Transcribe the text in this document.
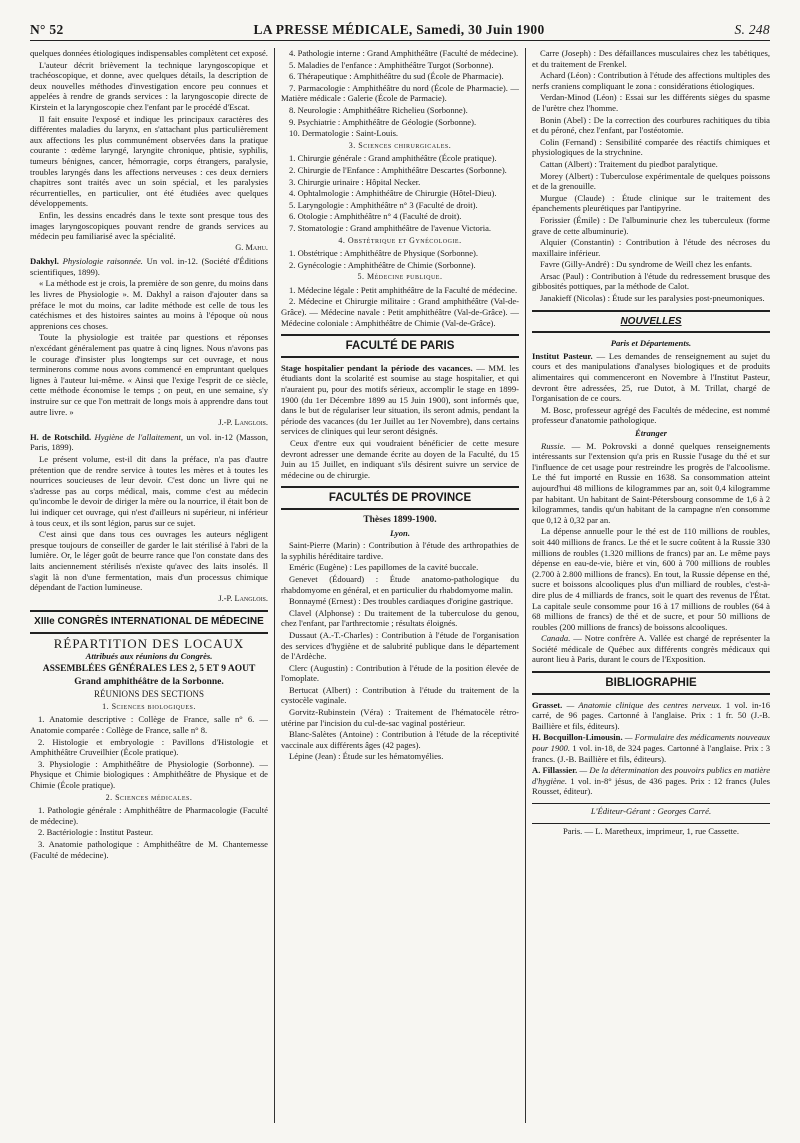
N° 52	LA PRESSE MÉDICALE, Samedi, 30 Juin 1900	S. 248

quelques données étiologiques indispensables complètent cet exposé.

L'auteur décrit brièvement la technique laryngoscopique et trachéoscopique, et donne, avec quelques détails, la description de deux nouvelles méthodes d'investigation encore peu connues et appelées à rendre de grands services : la laryngoscopie directe de Kirstein et la laryngoscopie chez l'enfant par le procédé d'Escat.

Il fait ensuite l'exposé et indique les principaux caractères des différentes maladies du larynx, en s'attachant plus particulièrement aux affections les plus communément observées dans la pratique courante : œdème laryngé, laryngite chronique, phtisie, syphilis, tumeurs bénignes, cancer, hémorragie, corps étrangers, paralysie, troubles laryngés dans les affections nerveuses : ces deux derniers chapitres sont traités avec un soin spécial, et les paralysies récurrentielles, en particulier, ont été étudiées avec quelques développements.

Enfin, les dessins encadrés dans le texte sont presque tous des images laryngoscopiques pouvant rendre de grands services au médecin peu familiarisé avec la spécialité.

G. Mahu.

Dakhyl. Physiologie raisonnée. Un vol. in-12. (Société d'Éditions scientifiques, 1899).

« La méthode est je crois, la première de son genre, du moins dans les livres de Physiologie ». M. Dakhyl a raison d'ajouter dans sa préface le mot du moins, car ladite méthode est celle de tous les catéchismes et des histoires saintes au moins à l'époque où nous apprenions ces choses.

Toute la physiologie est traitée par questions et réponses n'excédant généralement pas quatre à cinq lignes. Nous n'avons pas le courage d'insister plus longtemps sur cet ouvrage, et nous terminerons comme nous avons commencé en empruntant quelques lignes à l'auteur lui-même. « Ainsi que l'exige l'esprit de ce siècle, cette méthode économise le temps ; on peut, en une semaine, s'y instruire sur ce que l'on mettrait de longs mois à apprendre dans tout autre livre. »

J.-P. Langlois.

H. de Rotschild. Hygiène de l'allaitement, un vol. in-12 (Masson, Paris, 1899).

Le présent volume, est-il dit dans la préface, n'a pas d'autre prétention que de rendre service à toutes les mères et à toutes les nourrices soucieuses de leur devoir. C'est donc un livre qui ne s'adresse pas au corps médical, mais, comme c'est au médecin qu'incombe le devoir de diriger la mère ou la nourrice, il était bon de lui indiquer cet ouvrage, qui n'est d'ailleurs ni supérieur, ni inférieur à tous ceux, et ils sont légion, parus sur ce sujet.

C'est ainsi que dans tous ces ouvrages les auteurs négligent presque toujours de conseiller de garder le lait stérilisé à l'abri de la lumière. Or, le léger goût de beurre rance que l'on constate dans des laits anciennement stérilisés n'existe qu'avec des laits insolés. Il s'agit là non d'une fermentation, mais d'un processus chimique dépendant de l'action lumineuse.

J.-P. Langlois.
XIIIe CONGRÈS INTERNATIONAL DE MÉDECINE

RÉPARTITION DES LOCAUX

Attribués aux réunions du Congrès.

ASSEMBLÉES GÉNÉRALES LES 2, 5 ET 9 AOUT

Grand amphithéâtre de la Sorbonne.

RÉUNIONS DES SECTIONS

1. Sciences biologiques.

1. Anatomie descriptive : Collège de France, salle n° 6. — Anatomie comparée : Collège de France, salle n° 8.

2. Histologie et embryologie : Pavillons d'Histologie et Amphithéâtre Cruveilhier (École pratique).

3. Physiologie : Amphithéâtre de Physiologie (Sorbonne). — Physique et Chimie biologiques : Amphithéâtre de Physique et de Chimie (École pratique).

2. Sciences médicales.

1. Pathologie générale : Amphithéâtre de Pharmacologie (Faculté de médecine).

2. Bactériologie : Institut Pasteur.

3. Anatomie pathologique : Amphithéâtre de M. Chantemesse (Faculté de médecine).

4. Pathologie interne : Grand Amphithéâtre (Faculté de médecine).

5. Maladies de l'enfance : Amphithéâtre Turgot (Sorbonne).

6. Thérapeutique : Amphithéâtre du sud (École de Pharmacie).

7. Parmacologie : Amphithéâtre du nord (École de Pharmacie). — Matière médicale : Galerie (École de Parmacie).

8. Neurologie : Amphithéâtre Richelieu (Sorbonne).

9. Psychiatrie : Amphithéâtre de Géologie (Sorbonne).

10. Dermatologie : Saint-Louis.

3. Sciences chirurgicales.

1. Chirurgie générale : Grand amphithéâtre (École pratique).

2. Chirurgie de l'Enfance : Amphithéâtre Descartes (Sorbonne).

3. Chirurgie urinaire : Hôpital Necker.

4. Ophtalmologie : Amphithéâtre de Chirurgie (Hôtel-Dieu).

5. Laryngologie : Amphithéâtre n° 3 (Faculté de droit).

6. Otologie : Amphithéâtre n° 4 (Faculté de droit).

7. Stomatologie : Grand amphithéâtre de l'avenue Victoria.

4. Obstétrique et Gynécologie.

1. Obstétrique : Amphithéâtre de Physique (Sorbonne).

2. Gynécologie : Amphithéâtre de Chimie (Sorbonne).

5. Médecine publique.

1. Médecine légale : Petit amphithéâtre de la Faculté de médecine.

2. Médecine et Chirurgie militaire : Grand amphithéâtre (Val-de-Grâce). — Médecine navale : Petit amphithéâtre (Val-de-Grâce). — Médecine coloniale : Amphithéâtre de Chimie (Val-de-Grâce).

FACULTÉ DE PARIS

Stage hospitalier pendant la période des vacances. — MM. les étudiants dont la scolarité est soumise au stage hospitalier, et qui n'auraient pu, pour des motifs sérieux, accomplir le stage en 1899-1900 (du 1er Décembre 1899 au 15 Juin 1900), sont informés que, dans le but de régulariser leur situation, ils seront admis, pendant la période des vacances (du 1er Juillet au 1er Novembre), dans certains services de cliniques qui leur seront désignés.

Ceux d'entre eux qui voudraient bénéficier de cette mesure devront adresser une demande écrite au doyen de la Faculté, du 15 Juin au 15 Juillet, en indiquant s'ils désirent suivre un service de médecine ou de chirurgie.

FACULTÉS DE PROVINCE

Thèses 1899-1900.

Lyon.

Saint-Pierre (Marin) : Contribution à l'étude des arthropathies de la syphilis héréditaire tardive.

Eméric (Eugène) : Les papillomes de la cavité buccale.

Genevet (Édouard) : Étude anatomo-pathologique du rhabdomyome en général, et en particulier du rhabdomyome malin.

Bonnaymé (Ernest) : Des troubles cardiaques d'origine gastrique.

Clavel (Alphonse) : Du traitement de la tuberculose du genou, chez l'enfant, par l'arthrectomie ; résultats éloignés.

Dussaut (A.-T.-Charles) : Contribution à l'étude de l'organisation des services d'hygiène et de salubrité publique dans le département de l'Ardèche.

Clerc (Augustin) : Contribution à l'étude de la position élevée de l'omoplate.

Bertucat (Albert) : Contribution à l'étude du traitement de la cystocèle vaginale.

Gorvitz-Rubinstein (Véra) : Traitement de l'hématocèle rétro-utérine par l'incision du cul-de-sac vaginal postérieur.

Blanc-Salètes (Antoine) : Contribution à l'étude de la réceptivité vaccinale aux différents âges (42 pages).

Lépine (Jean) : Étude sur les hématomyélies.

Carre (Joseph) : Des défaillances musculaires chez les tabétiques, et du traitement de Frenkel.

Achard (Léon) : Contribution à l'étude des affections multiples des nerfs craniens compliquant le zona : considérations étiologiques.

Verdan-Minod (Léon) : Essai sur les différents sièges du spasme de l'urètre chez l'homme.

Bonin (Abel) : De la correction des courbures rachitiques du tibia et du péroné, chez l'enfant, par l'ostéotomie.

Colin (Fernand) : Sensibilité comparée des réactifs chimiques et physiologiques de la strychnine.

Cattan (Albert) : Traitement du piedbot paralytique.

Morey (Albert) : Tuberculose expérimentale de quelques poissons et de la grenouille.

Murgue (Claude) : Étude clinique sur le traitement des épanchements pleurétiques par l'antipyrine.

Forissier (Émile) : De l'albuminurie chez les tuberculeux (forme grave de cette albuminurie).

Alquier (Constantin) : Contribution à l'étude des nécroses du maxillaire inférieur.

Favre (Gilly-André) : Du syndrome de Weill chez les enfants.

Arsac (Paul) : Contribution à l'étude du redressement brusque des gibbosités pottiques, par la méthode de Calot.

Janakieff (Nicolas) : Étude sur les paralysies post-pneumoniques.

NOUVELLES

Paris et Départements.

Institut Pasteur. — Les demandes de renseignement au sujet du cours et des manipulations d'analyses biologiques et de produits alimentaires qui commenceront en Novembre à l'Institut Pasteur, devront être adressées, 25, rue Dutot, à M. Trillat, chargé de l'organisation de ce cours.

M. Bosc, professeur agrégé des Facultés de médecine, est nommé professeur d'anatomie pathologique.

Étranger

Russie. — M. Pokrovski a donné quelques renseignements intéressants sur l'extension qu'a pris en Russie l'usage du thé et sur l'influence de cet usage pour restreindre les progrès de l'alcoolisme. Le thé fut importé en Russie en 1638. Sa consommation atteint aujourd'hui 48 millions de kilogrammes par an, soit 0,4 kilogramme par habitant. Un habitant de Saint-Pétersbourg consomme de 1,6 à 2 kilogrammes, tandis qu'un habitant de la campagne n'en consomme que 0,12 à 0,32 par an.

La dépense annuelle pour le thé est de 110 millions de roubles, soit 440 millions de francs. Le thé et le sucre coûtent à la Russie 330 millions de roubles (1.320 millions de francs) par an. Le même pays dépense en eau-de-vie, bière et vin, 600 à 700 millions de roubles (2.700 à 2.800 millions de francs). En tout, la Russie dépense en thé, sucre et boissons alcooliques plus d'un milliard de roubles, c'est-à-dire plus de 4 milliards de francs, soit le quart des revenus de l'État. La capitale seule consomme pour 16 à 17 millions de roubles (64 à 68 millions de francs) de thé et de sucre, et pour 50 millions de roubles (200 millions de francs) de boissons alcooliques.

Canada. — Notre confrère A. Vallée est chargé de représenter la Société médicale de Québec aux différents congrès médicaux qui auront lieu à Paris, durant le cours de l'Exposition.

BIBLIOGRAPHIE

Grasset. — Anatomie clinique des centres nerveux. 1 vol. in-16 carré, de 96 pages. Cartonné à l'anglaise. Prix : 1 fr. 50 (J.-B. Baillière et fils, éditeurs).

H. Bocquillon-Limousin. — Formulaire des médicaments nouveaux pour 1900. 1 vol. in-18, de 324 pages. Cartonné à l'anglaise. Prix : 3 francs. (J.-B. Baillière et fils, éditeurs).

A. Fillassier. — De la détermination des pouvoirs publics en matière d'hygiène. 1 vol. in-8° jésus, de 436 pages. Prix : 12 francs (Jules Rousset, éditeur).

L'Éditeur-Gérant : Georges Carré.

Paris. — L. Maretheux, imprimeur, 1, rue Cassette.
